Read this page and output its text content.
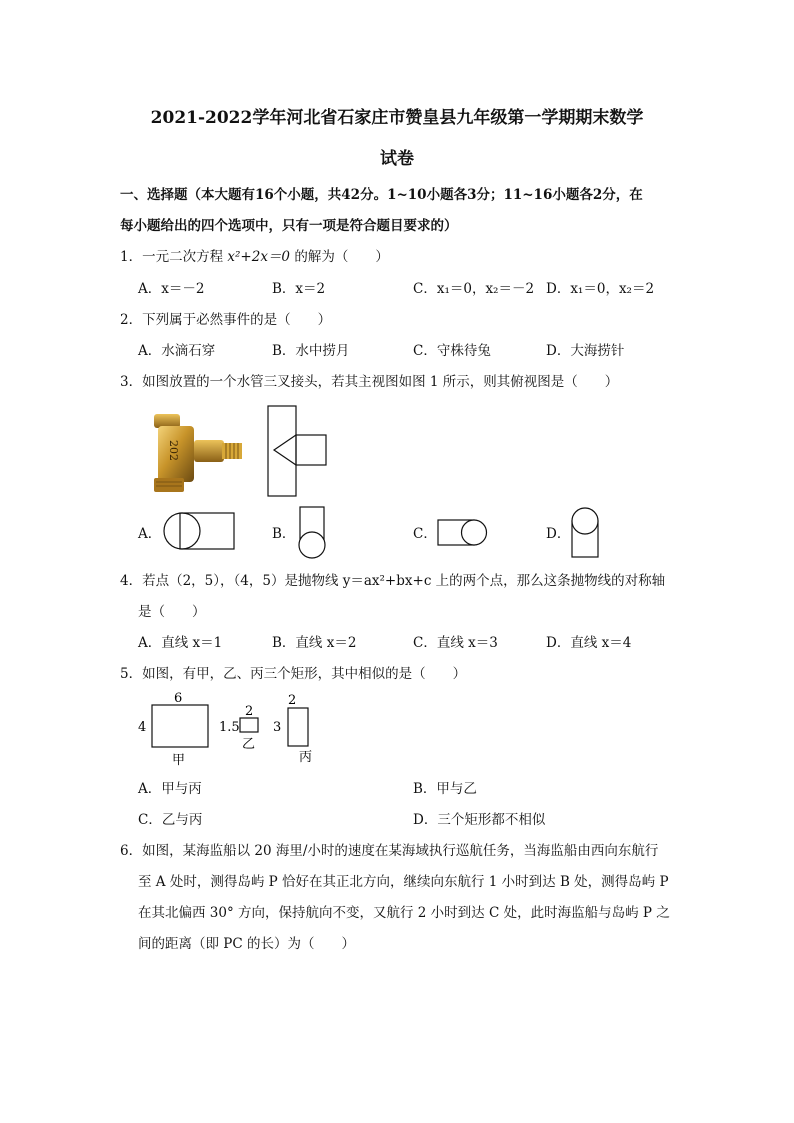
2021-2022学年河北省石家庄市赞皇县九年级第一学期期末数学
试卷
一、选择题（本大题有16个小题，共42分。1~10小题各3分；11~16小题各2分，在
每小题给出的四个选项中，只有一项是符合题目要求的）
1．一元二次方程 x²+2x＝0 的解为（　　）
A．x＝－2	B．x＝2	C．x₁＝0，x₂＝－2 D．x₁＝0，x₂＝2
2．下列属于必然事件的是（　　）
A．水滴石穿	B．水中捞月	C．守株待兔	D．大海捞针
3．如图放置的一个水管三叉接头，若其主视图如图 1 所示，则其俯视图是（　　）
202
A．	B．	C．	D．
4．若点（2，5），（4，5）是抛物线 y＝ax²+bx+c 上的两个点，那么这条抛物线的对称轴
是（　　）
A．直线 x＝1	B．直线 x＝2	C．直线 x＝3	D．直线 x＝4
5．如图，有甲，乙、丙三个矩形，其中相似的是（　　）
6
4
甲
2
1.5
乙
2
3
丙
A．甲与丙	B．甲与乙
C．乙与丙	D．三个矩形都不相似
6．如图，某海监船以 20 海里/小时的速度在某海域执行巡航任务，当海监船由西向东航行
至 A 处时，测得岛屿 P 恰好在其正北方向，继续向东航行 1 小时到达 B 处，测得岛屿 P
在其北偏西 30° 方向，保持航向不变，又航行 2 小时到达 C 处，此时海监船与岛屿 P 之
间的距离（即 PC 的长）为（　　）
